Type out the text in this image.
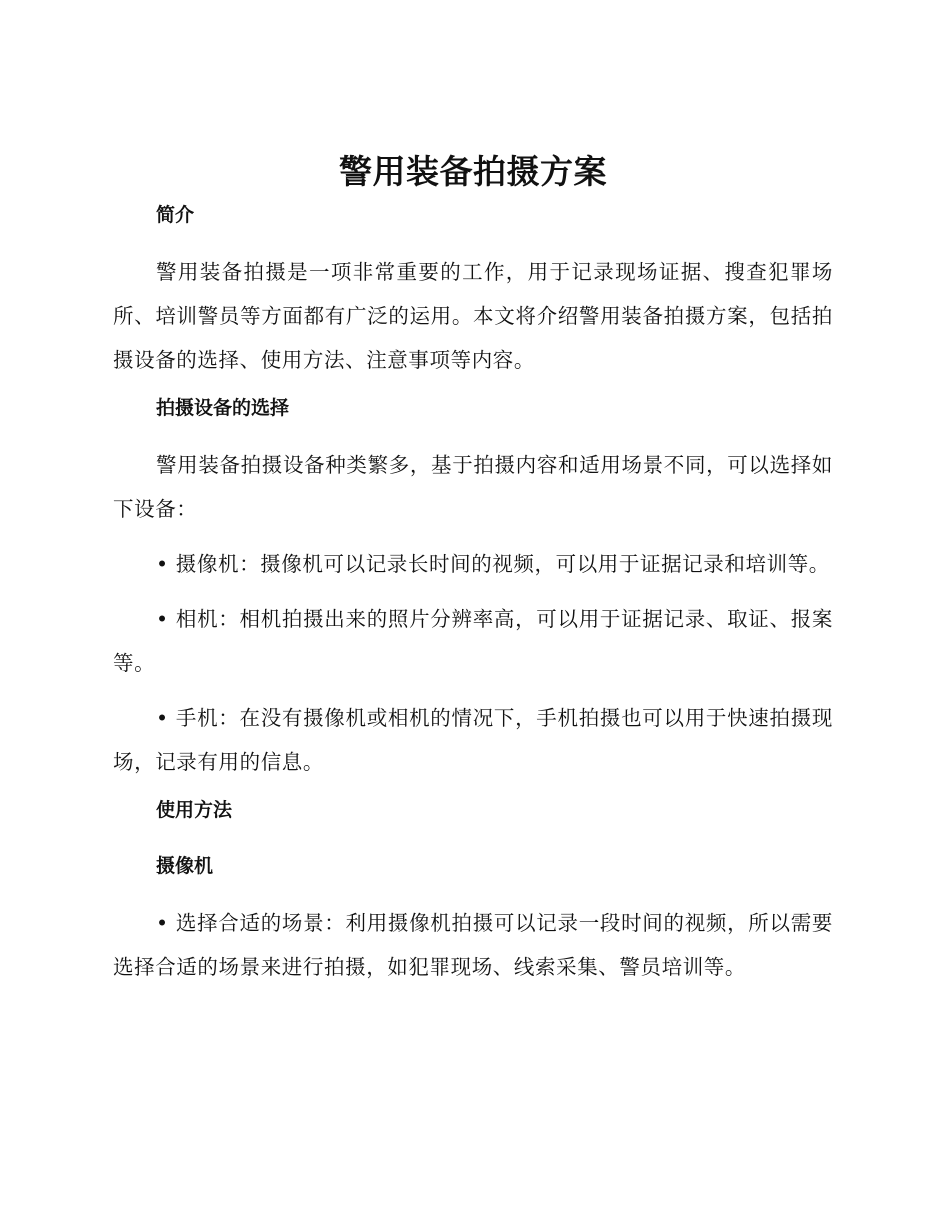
警用装备拍摄方案
简介

警用装备拍摄是一项非常重要的工作，用于记录现场证据、搜查犯罪场所、培训警员等方面都有广泛的运用。本文将介绍警用装备拍摄方案，包括拍摄设备的选择、使用方法、注意事项等内容。

拍摄设备的选择

警用装备拍摄设备种类繁多，基于拍摄内容和适用场景不同，可以选择如下设备：

• 摄像机：摄像机可以记录长时间的视频，可以用于证据记录和培训等。

• 相机：相机拍摄出来的照片分辨率高，可以用于证据记录、取证、报案等。

• 手机：在没有摄像机或相机的情况下，手机拍摄也可以用于快速拍摄现场，记录有用的信息。

使用方法
摄像机

• 选择合适的场景：利用摄像机拍摄可以记录一段时间的视频，所以需要选择合适的场景来进行拍摄，如犯罪现场、线索采集、警员培训等。
